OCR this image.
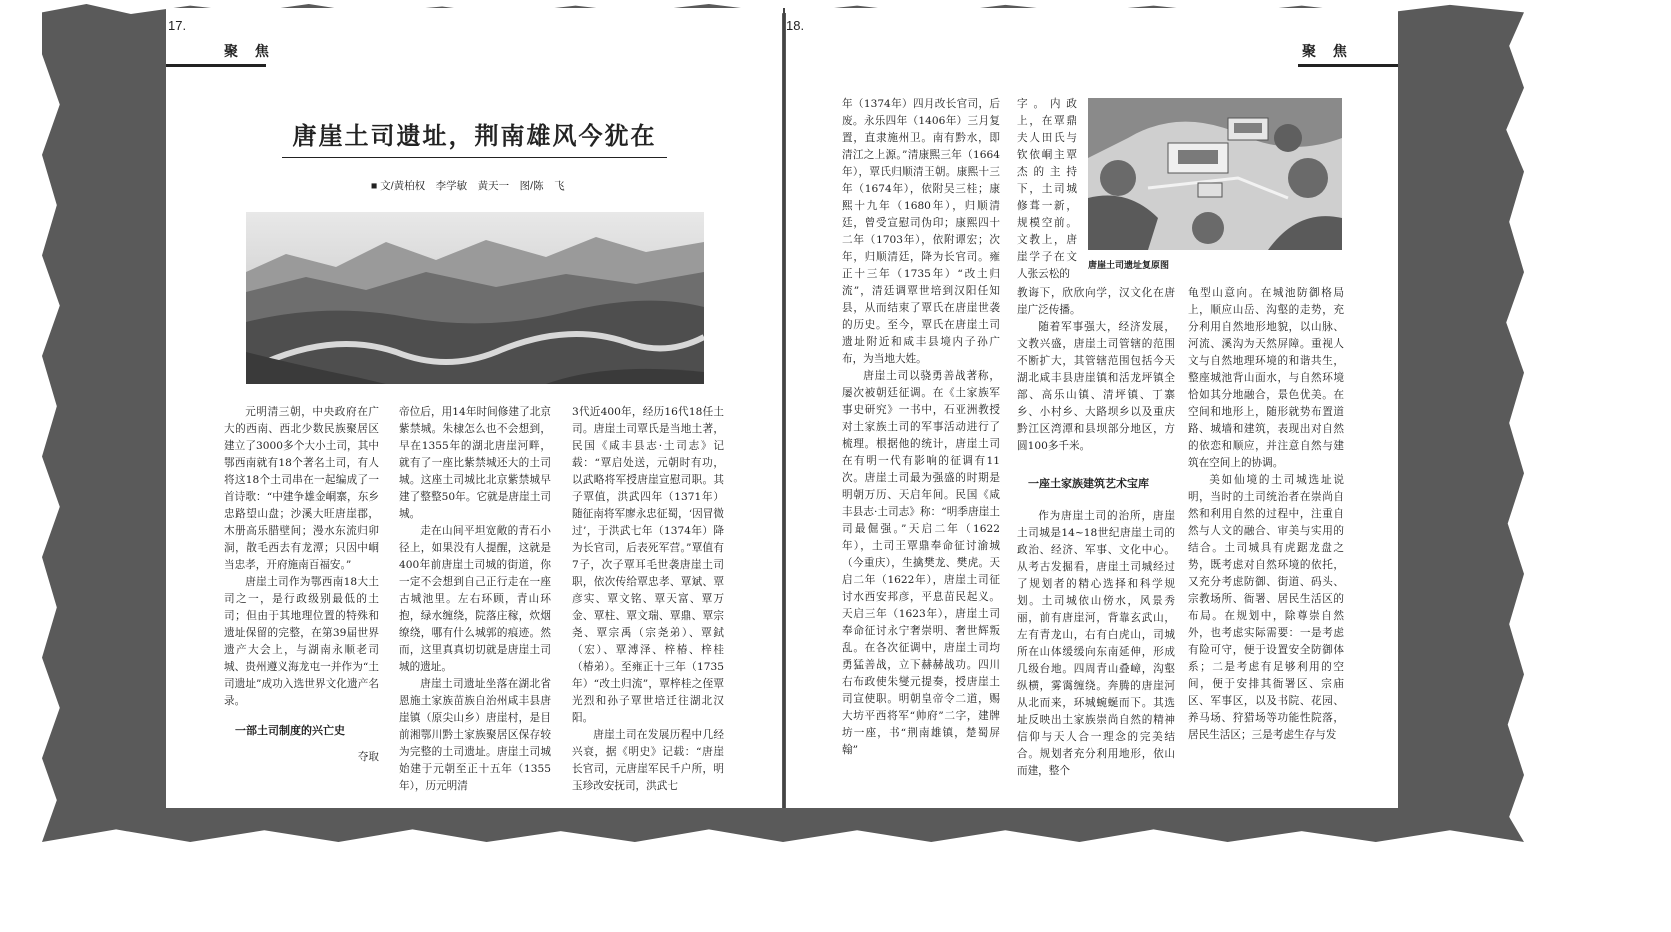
17.
聚 焦
唐崖土司遗址，荆南雄风今犹在
■ 文/黄柏权　李学敏　黄天一　图/陈　飞

元明清三朝，中央政府在广大的西南、西北少数民族聚居区建立了3000多个大小土司，其中鄂西南就有18个著名土司，有人将这18个土司串在一起编成了一首诗歌：“中建争雄金峒寨，东乡忠路望山盘；沙溪大旺唐崖郡，木册高乐腊壁间；漫水东流归卯洞，散毛西去有龙潭；只因中峒当忠孝，开府施南百福安。”

唐崖土司作为鄂西南18大土司之一，是行政级别最低的土司；但由于其地理位置的特殊和遗址保留的完整，在第39届世界遗产大会上，与湖南永顺老司城、贵州遵义海龙屯一并作为“土司遗址”成功入选世界文化遗产名录。

一部土司制度的兴亡史

夺取

帝位后，用14年时间修建了北京紫禁城。朱棣怎么也不会想到，早在1355年的湖北唐崖河畔，就有了一座比紫禁城还大的土司城。这座土司城比北京紫禁城早建了整整50年。它就是唐崖土司城。

走在山间平坦宽敞的青石小径上，如果没有人提醒，这就是400年前唐崖土司城的街道，你一定不会想到自己正行走在一座古城池里。左右环顾，青山环抱，绿水缠绕，院落庄稼，炊烟缭绕，哪有什么城郭的痕迹。然而，这里真真切切就是唐崖土司城的遗址。

唐崖土司遗址坐落在湖北省恩施土家族苗族自治州咸丰县唐崖镇（原尖山乡）唐崖村，是目前湘鄂川黔土家族聚居区保存较为完整的土司遗址。唐崖土司城始建于元朝至正十五年（1355年），历元明清

3代近400年，经历16代18任土司。唐崖土司覃氏是当地土著，民国《咸丰县志·土司志》记载：“覃启处送，元朝时有功，以武略将军授唐崖宣慰司职。其子覃值，洪武四年（1371年）随征南将军廖永忠征蜀，‘因冒微过’，于洪武七年（1374年）降为长官司，后表死军营。”覃值有7子，次子覃耳毛世袭唐崖土司职，依次传给覃忠孝、覃斌、覃彦实、覃文铭、覃天富、覃万金、覃柱、覃文瑞、覃鼎、覃宗尧、覃宗禹（宗尧弟）、覃鉽（宏）、覃溥泽、梓椿、梓桂（椿弟）。至雍正十三年（1735年）“改土归流”，覃梓桂之侄覃光烈和孙子覃世培迁往湖北汉阳。

唐崖土司在发展历程中几经兴衰，据《明史》记载：“唐崖长官司，元唐崖军民千户所，明玉珍改安抚司，洪武七

18.
聚 焦

年（1374年）四月改长官司，后废。永乐四年（1406年）三月复置，直隶施州卫。南有黔水，即清江之上源。”清康熙三年（1664年），覃氏归顺清王朝。康熙十三年（1674年），依附吴三桂；康熙十九年（1680年），归顺清廷，曾受宣慰司伪印；康熙四十二年（1703年），依附谭宏；次年，归顺清廷，降为长官司。雍正十三年（1735年）“改土归流”，清廷调覃世培到汉阳任知县，从而结束了覃氏在唐崖世袭的历史。至今，覃氏在唐崖土司遗址附近和咸丰县境内子孙广布，为当地大姓。

唐崖土司以骁勇善战著称，屡次被朝廷征调。在《土家族军事史研究》一书中，石亚洲教授对土家族土司的军事活动进行了梳理。根据他的统计，唐崖土司在有明一代有影响的征调有11次。唐崖土司最为强盛的时期是明朝万历、天启年间。民国《咸丰县志·土司志》称：“明季唐崖土司最倔强。”天启二年（1622年），土司王覃鼎奉命征讨渝城（今重庆），生擒樊龙、樊虎。天启二年（1622年），唐崖土司征讨水西安邦彦，平息苗民起义。天启三年（1623年），唐崖土司奉命征讨永宁奢崇明、奢世辉叛乱。在各次征调中，唐崖土司均勇猛善战，立下赫赫战功。四川右布政使朱燮元提奏，授唐崖土司宣使职。明朝皇帝令二道，赐大坊平西将军“帅府”二字，建牌坊一座，书“荆南雄镇，楚蜀屏翰”

字。内政上，在覃鼎夫人田氏与钦依峒主覃杰的主持下，土司城修葺一新，规模空前。文教上，唐崖学子在文人张云松的

唐崖土司遗址复原图

教诲下，欣欣向学，汉文化在唐崖广泛传播。

随着军事强大，经济发展，文教兴盛，唐崖土司管辖的范围不断扩大，其管辖范围包括今天湖北咸丰县唐崖镇和活龙坪镇全部、高乐山镇、清坪镇、丁寨乡、小村乡、大路坝乡以及重庆黔江区湾潭和县坝部分地区，方圆100多千米。

一座土家族建筑艺术宝库

作为唐崖土司的治所，唐崖土司城是14~18世纪唐崖土司的政治、经济、军事、文化中心。从考古发掘看，唐崖土司城经过了规划者的精心选择和科学规划。土司城依山傍水，风景秀丽，前有唐崖河，背靠玄武山，左有青龙山，右有白虎山，司城所在山体缓缓向东南延伸，形成几级台地。四周青山叠嶂，沟壑纵横，雾霭缠绕。奔腾的唐崖河从北而来，环城蜿蜒而下。其选址反映出土家族崇尚自然的精神信仰与天人合一理念的完美结合。规划者充分利用地形，依山而建，整个

龟型山意向。在城池防御格局上，顺应山岳、沟壑的走势，充分利用自然地形地貌，以山脉、河流、溪沟为天然屏障。重视人文与自然地理环境的和谐共生，整座城池背山面水，与自然环境恰如其分地融合，景色优美。在空间和地形上，随形就势布置道路、城墙和建筑，表现出对自然的依恋和顺应，并注意自然与建筑在空间上的协调。

美如仙境的土司城选址说明，当时的土司统治者在崇尚自然和利用自然的过程中，注重自然与人文的融合、审美与实用的结合。土司城具有虎踞龙盘之势，既考虑对自然环境的依托，又充分考虑防御、街道、码头、宗教场所、衙署、居民生活区的布局。在规划中，除尊崇自然外，也考虑实际需要：一是考虑有险可守，便于设置安全防御体系；二是考虑有足够利用的空间，便于安排其衙署区、宗庙区、军事区，以及书院、花园、养马场、狩猎场等功能性院落，居民生活区；三是考虑生存与发
